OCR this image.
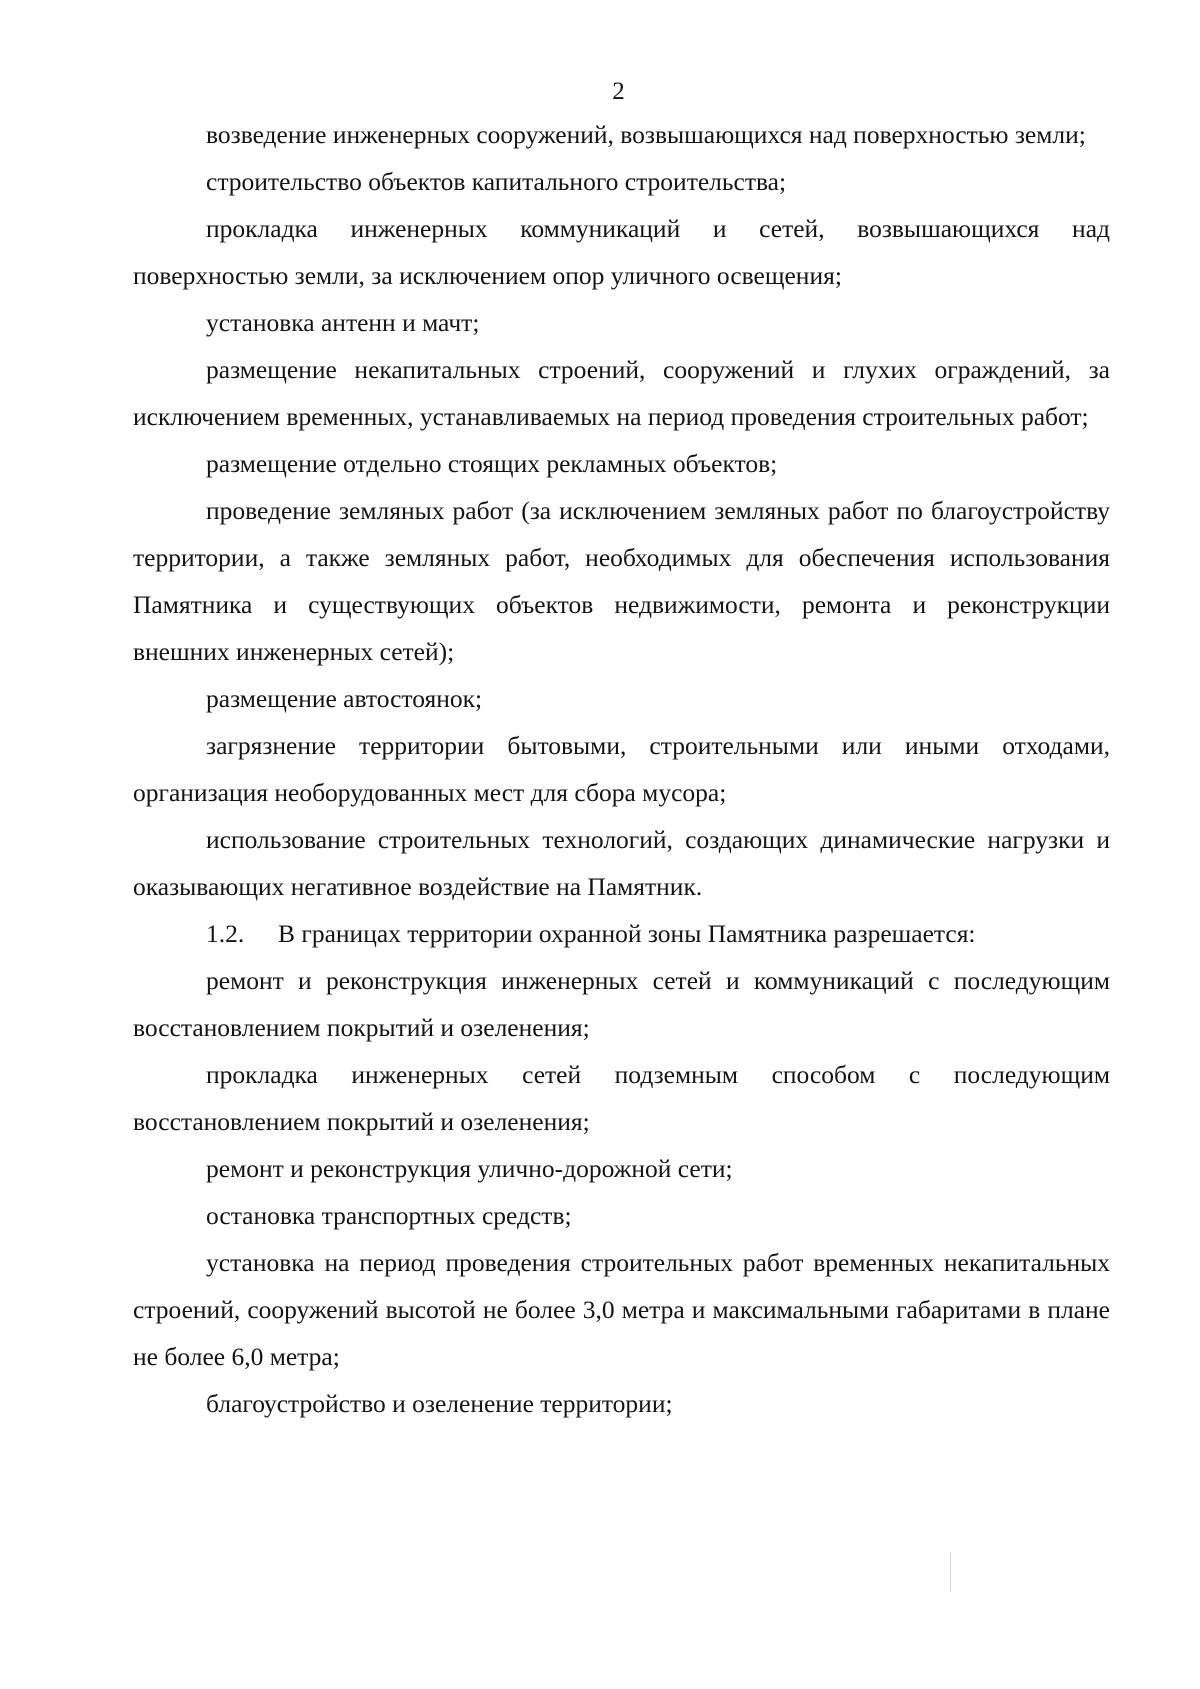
2

возведение инженерных сооружений, возвышающихся над поверхностью земли;

строительство объектов капитального строительства;

прокладка инженерных коммуникаций и сетей, возвышающихся над поверхностью земли, за исключением опор уличного освещения;

установка антенн и мачт;

размещение некапитальных строений, сооружений и глухих ограждений, за исключением временных, устанавливаемых на период проведения строительных работ;

размещение отдельно стоящих рекламных объектов;

проведение земляных работ (за исключением земляных работ по благоустройству территории, а также земляных работ, необходимых для обеспечения использования Памятника и существующих объектов недвижимости, ремонта и реконструкции внешних инженерных сетей);

размещение автостоянок;

загрязнение территории бытовыми, строительными или иными отходами, организация необорудованных мест для сбора мусора;

использование строительных технологий, создающих динамические нагрузки и оказывающих негативное воздействие на Памятник.

1.2. В границах территории охранной зоны Памятника разрешается:

ремонт и реконструкция инженерных сетей и коммуникаций с последующим восстановлением покрытий и озеленения;

прокладка инженерных сетей подземным способом с последующим восстановлением покрытий и озеленения;

ремонт и реконструкция улично-дорожной сети;

остановка транспортных средств;

установка на период проведения строительных работ временных некапитальных строений, сооружений высотой не более 3,0 метра и максимальными габаритами в плане не более 6,0 метра;

благоустройство и озеленение территории;
